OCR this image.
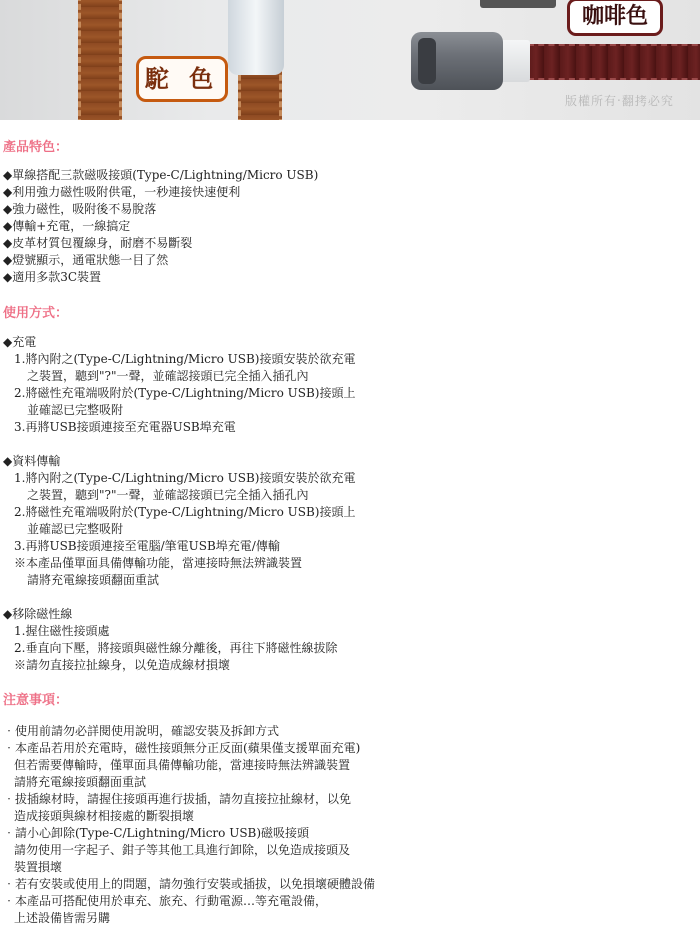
駝 色
咖啡色
版權所有‧翻拷必究
產品特色：
◆單線搭配三款磁吸接頭(Type-C/Lightning/Micro USB)
◆利用強力磁性吸附供電，一秒連接快速便利
◆強力磁性，吸附後不易脫落
◆傳輸+充電，一線搞定
◆皮革材質包覆線身，耐磨不易斷裂
◆燈號顯示，通電狀態一目了然
◆適用多款3C裝置
使用方式：
◆充電
1.將內附之(Type-C/Lightning/Micro USB)接頭安裝於欲充電
之裝置，聽到"?"一聲，並確認接頭已完全插入插孔內
2.將磁性充電端吸附於(Type-C/Lightning/Micro USB)接頭上
並確認已完整吸附
3.再將USB接頭連接至充電器USB埠充電
◆資料傳輸
1.將內附之(Type-C/Lightning/Micro USB)接頭安裝於欲充電
之裝置，聽到"?"一聲，並確認接頭已完全插入插孔內
2.將磁性充電端吸附於(Type-C/Lightning/Micro USB)接頭上
並確認已完整吸附
3.再將USB接頭連接至電腦/筆電USB埠充電/傳輸
※本產品僅單面具備傳輸功能，當連接時無法辨識裝置
請將充電線接頭翻面重試
◆移除磁性線
1.握住磁性接頭處
2.垂直向下壓，將接頭與磁性線分離後，再往下將磁性線拔除
※請勿直接拉扯線身，以免造成線材損壞
注意事項：
‧使用前請勿必詳閱使用說明，確認安裝及拆卸方式
‧本產品若用於充電時，磁性接頭無分正反面(蘋果僅支援單面充電)
但若需要傳輸時，僅單面具備傳輸功能，當連接時無法辨識裝置
請將充電線接頭翻面重試
‧拔插線材時，請握住接頭再進行拔插，請勿直接拉扯線材，以免
造成接頭與線材相接處的斷裂損壞
‧請小心卸除(Type-C/Lightning/Micro USB)磁吸接頭
請勿使用一字起子、鉗子等其他工具進行卸除，以免造成接頭及
裝置損壞
‧若有安裝或使用上的問題，請勿強行安裝或插拔，以免損壞硬體設備
‧本產品可搭配使用於車充、旅充、行動電源…等充電設備，
上述設備皆需另購
